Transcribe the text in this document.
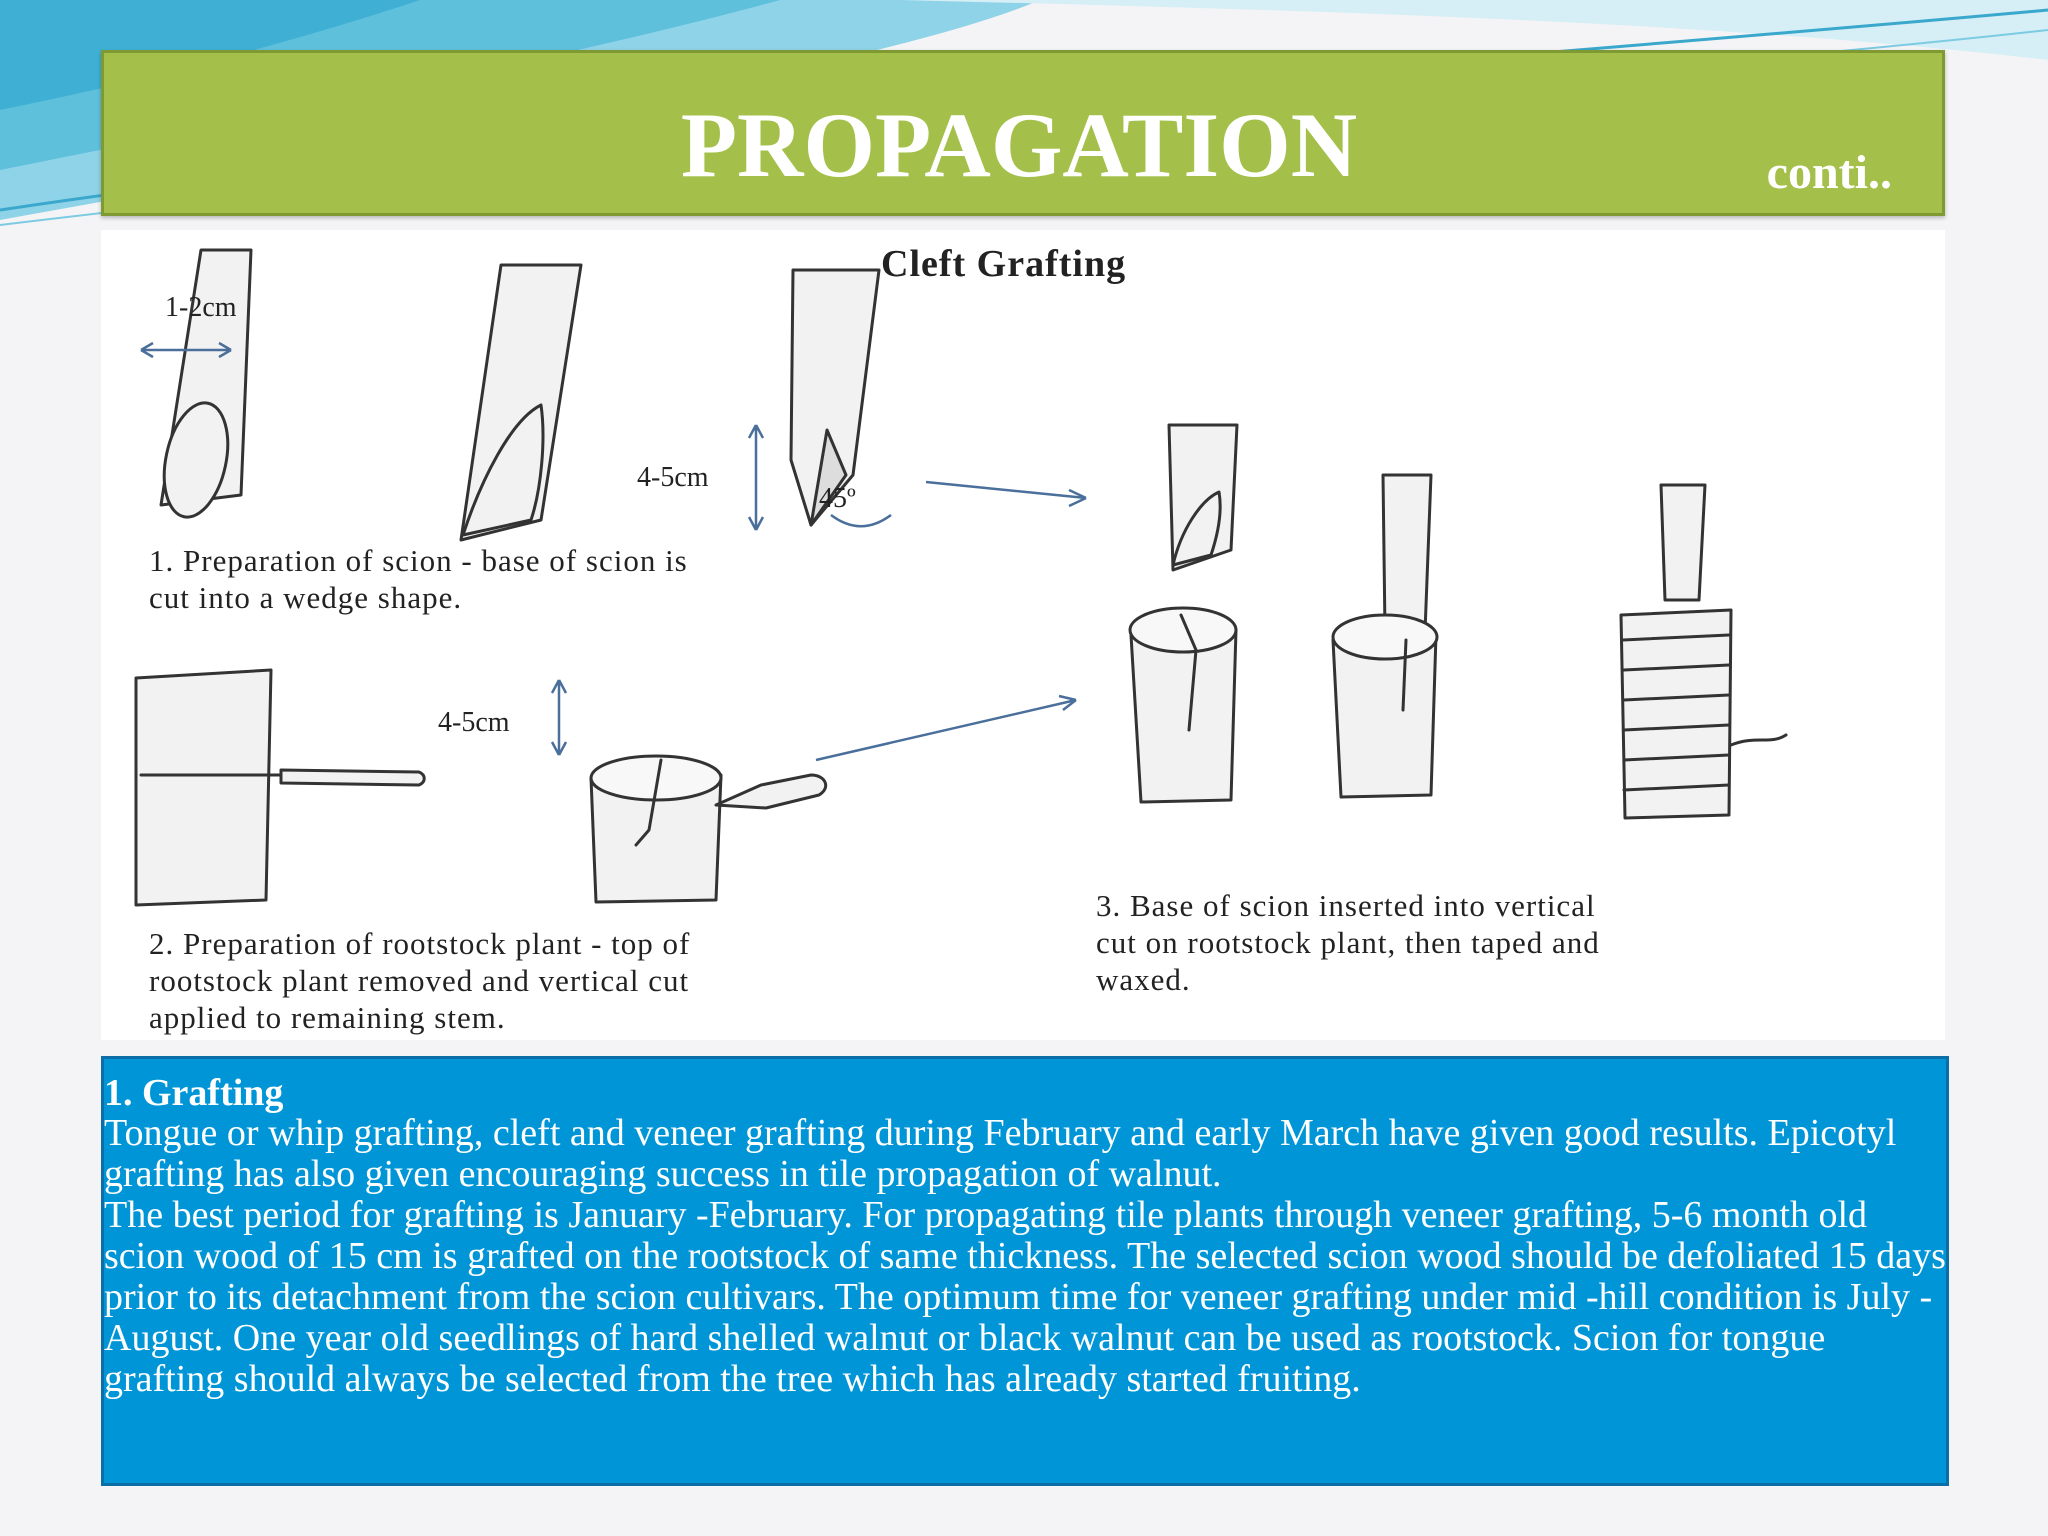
PROPAGATION	conti..
Cleft Grafting
1-2cm
4-5cm
45º
4-5cm
1. Preparation of scion - base of scion is
cut into a wedge shape.
2. Preparation of rootstock plant - top of
rootstock plant removed and vertical cut
applied to remaining stem.
3. Base of scion inserted into vertical
cut on rootstock plant, then taped and
waxed.
1. Grafting

Tongue or whip grafting, cleft and veneer grafting during February and early March have given good results. Epicotyl grafting has also given encouraging success in tile propagation of walnut.

The best period for grafting is January -February. For propagating tile plants through veneer grafting, 5-6 month old scion wood of 15 cm is grafted on the rootstock of same thickness. The selected scion wood should be defoliated 15 days prior to its detachment from the scion cultivars. The optimum time for veneer grafting under mid -hill condition is July -August. One year old seedlings of hard shelled walnut or black walnut can be used as rootstock. Scion for tongue grafting should always be selected from the tree which has already started fruiting.
